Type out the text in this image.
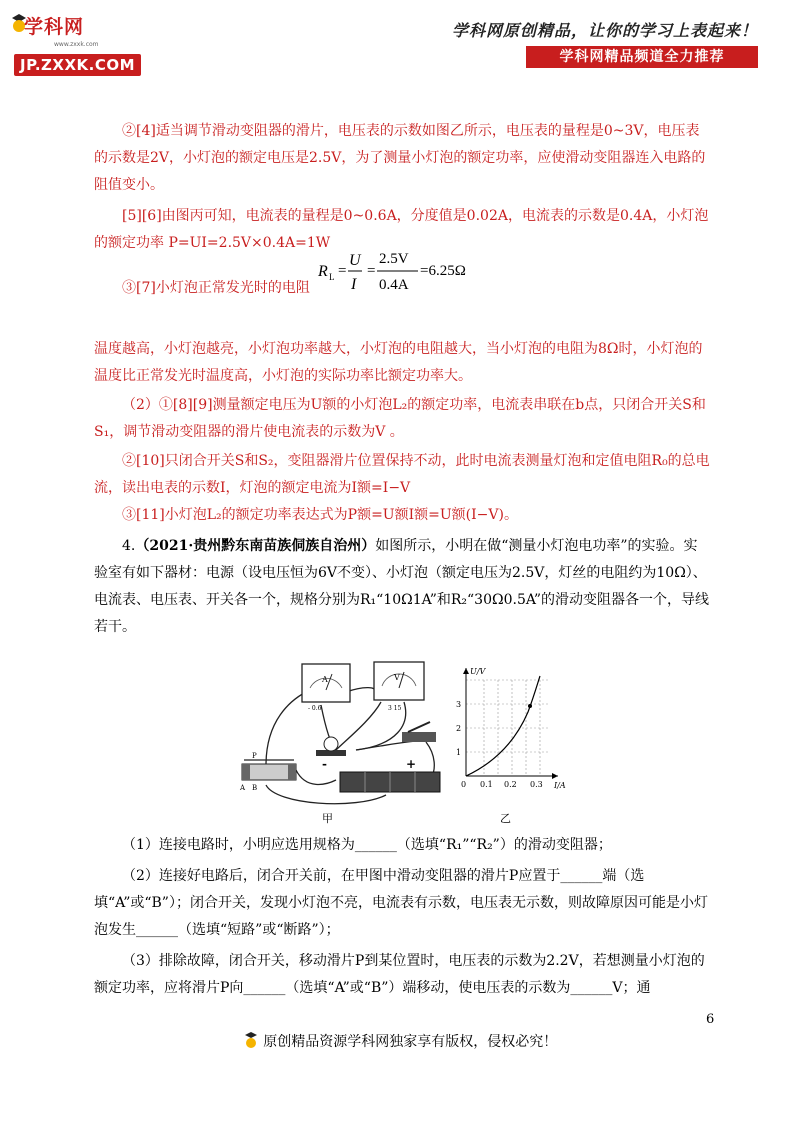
学科网
www.zxxk.com
JP.ZXXK.COM
学科网原创精品，让你的学习上表起来！
学科网精品频道全力推荐

②[4]适当调节滑动变阻器的滑片，电压表的示数如图乙所示，电压表的量程是0~3V，电压表的示数是2V，小灯泡的额定电压是2.5V，为了测量小灯泡的额定功率，应使滑动变阻器连入电路的阻值变小。

[5][6]由图丙可知，电流表的量程是0~0.6A，分度值是0.02A，电流表的示数是0.4A，小灯泡的额定功率 P=UI=2.5V×0.4A=1W

③[7]小灯泡正常发光时的电阻

温度越高，小灯泡越亮，小灯泡功率越大，小灯泡的电阻越大，当小灯泡的电阻为8Ω时，小灯泡的温度比正常发光时温度高，小灯泡的实际功率比额定功率大。

（2）①[8][9]测量额定电压为U额的小灯泡L₂的额定功率，电流表串联在b点，只闭合开关S和S₁，调节滑动变阻器的滑片使电流表的示数为V 。

②[10]只闭合开关S和S₂，变阻器滑片位置保持不动，此时电流表测量灯泡和定值电阻R₀的总电流，读出电表的示数I，灯泡的额定电流为I额=I−V

③[11]小灯泡L₂的额定功率表达式为P额=U额I额=U额(I−V)。

4.（2021·贵州黔东南苗族侗族自治州）如图所示，小明在做“测量小灯泡电功率”的实验。实验室有如下器材：电源（设电压恒为6V不变）、小灯泡（额定电压为2.5V，灯丝的电阻约为10Ω）、电流表、电压表、开关各一个，规格分别为R₁“10Ω1A”和R₂“30Ω0.5A”的滑动变阻器各一个，导线若干。

R L =
U
I
=
2.5V
0.4A
=6.25Ω
A
- 0.6
V
3 15
P
A B
-	+
甲
U/V
I/A
1
2
3
0 0.1 0.2 0.3
乙

（1）连接电路时，小明应选用规格为______（选填“R₁”“R₂”）的滑动变阻器；

（2）连接好电路后，闭合开关前，在甲图中滑动变阻器的滑片P应置于______端（选填“A”或“B”）；闭合开关，发现小灯泡不亮，电流表有示数，电压表无示数，则故障原因可能是小灯泡发生______（选填“短路”或“断路”）；

（3）排除故障，闭合开关，移动滑片P到某位置时，电压表的示数为2.2V，若想测量小灯泡的额定功率，应将滑片P向______（选填“A”或“B”）端移动，使电压表的示数为______V；通

6
原创精品资源学科网独家享有版权，侵权必究！
